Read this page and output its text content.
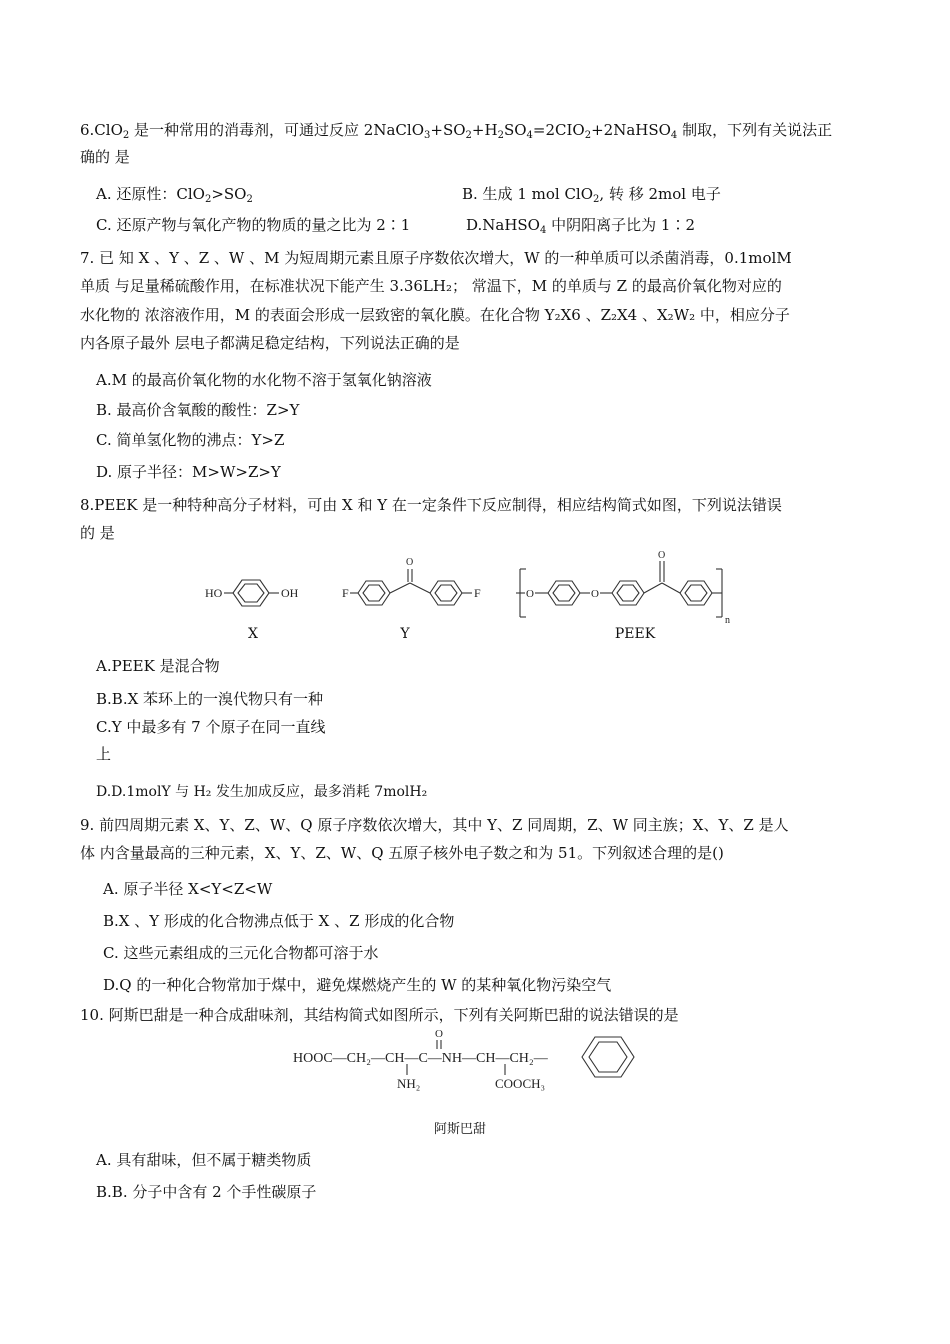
6.ClO$_2$ 是一种常用的消毒剂，可通过反应 $2NaClO_3+SO_2+H_2SO_4=2CIO_2+2NaHSO_4$ 制取，下列有关说法正
确的 是
A. 还原性：$ClO_2>SO_2$	B. 生成 1 mol ClO$_2$, 转 移 2mol 电子
C. 还原产物与氧化产物的物质的量之比为 2∶1	D.NaHSO$_4$ 中阴阳离子比为 1∶2
7. 已 知 X 、Y 、Z 、W 、M 为短周期元素且原子序数依次增大，W 的一种单质可以杀菌消毒，0.1molM
单质 与足量稀硫酸作用，在标准状况下能产生 3.36LH₂； 常温下，M 的单质与 Z 的最高价氧化物对应的
水化物的 浓溶液作用，M 的表面会形成一层致密的氧化膜。在化合物 Y₂X6 、Z₂X4 、X₂W₂ 中，相应分子
内各原子最外 层电子都满足稳定结构，下列说法正确的是
A.M 的最高价氧化物的水化物不溶于氢氧化钠溶液
B. 最高价含氧酸的酸性：Z>Y
C. 简单氢化物的沸点：Y>Z
D. 原子半径：M>W>Z>Y
8.PEEK 是一种特种高分子材料，可由 X 和 Y 在一定条件下反应制得，相应结构简式如图，下列说法错误
的 是
HO	OH	F
O
F	O	O
O
n
X	Y	PEEK
A.PEEK 是混合物
B.B.X 苯环上的一溴代物只有一种
C.Y 中最多有 7 个原子在同一直线
上
D.D.1molY 与 H₂ 发生加成反应，最多消耗 7molH₂
9. 前四周期元素 X、Y、Z、W、Q 原子序数依次增大，其中 Y、Z 同周期，Z、W 同主族；X、Y、Z 是人
体 内含量最高的三种元素，X、Y、Z、W、Q 五原子核外电子数之和为 51。下列叙述合理的是()
A. 原子半径 X<Y<Z<W
B.X 、Y 形成的化合物沸点低于 X 、Z 形成的化合物
C. 这些元素组成的三元化合物都可溶于水
D.Q 的一种化合物常加于煤中，避免煤燃烧产生的 W 的某种氧化物污染空气
10. 阿斯巴甜是一种合成甜味剂，其结构简式如图所示，下列有关阿斯巴甜的说法错误的是
HOOC—CH₂—CH—C—NH—CH—CH₂—
O
NH₂	COOCH₃
阿斯巴甜
A. 具有甜味，但不属于糖类物质
B.B. 分子中含有 2 个手性碳原子
